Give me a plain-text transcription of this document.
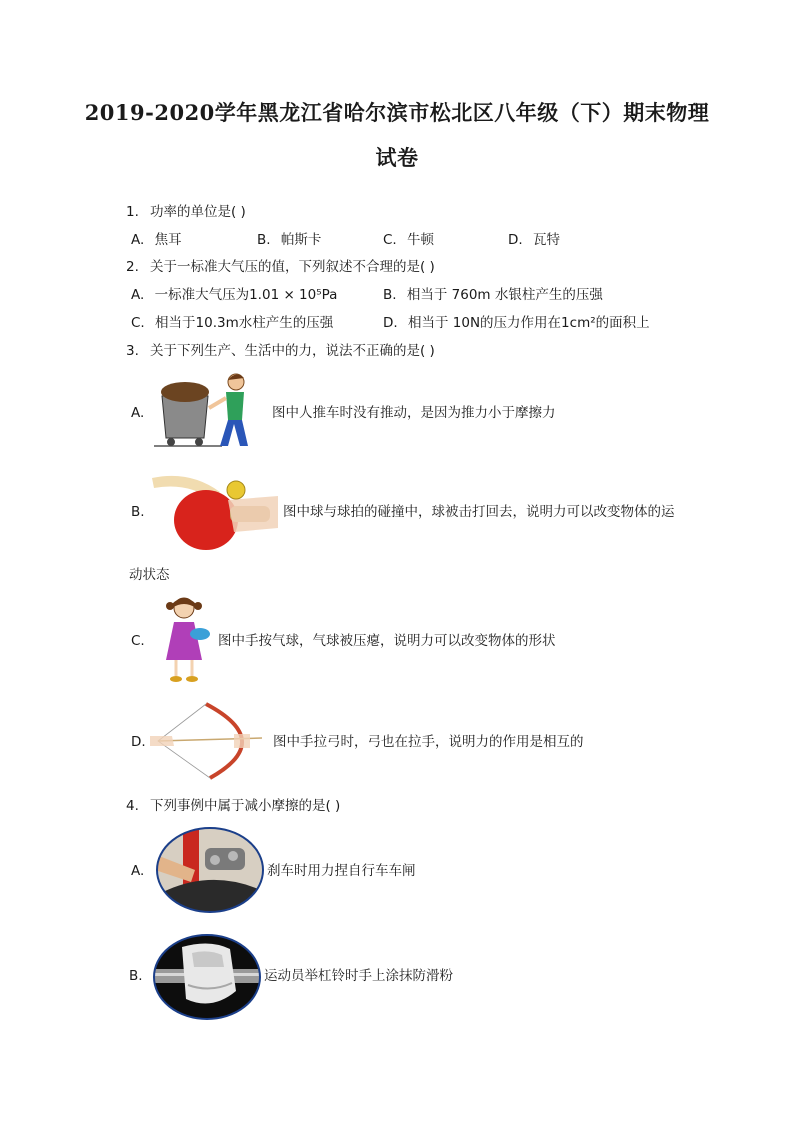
2019-2020学年黑龙江省哈尔滨市松北区八年级（下）期末物理
试卷
1. 功率的单位是( )
A. 焦耳	B. 帕斯卡	C. 牛顿	D. 瓦特
2. 关于一标准大气压的值，下列叙述不合理的是( )
A. 一标准大气压为1.01 × 10⁵Pa	B. 相当于 760m 水银柱产生的压强
C. 相当于10.3m水柱产生的压强	D. 相当于 10N的压力作用在1cm²的面积上
3. 关于下列生产、生活中的力，说法不正确的是( )
A.	图中人推车时没有推动，是因为推力小于摩擦力
B.	图中球与球拍的碰撞中，球被击打回去，说明力可以改变物体的运
动状态
C.	图中手按气球，气球被压瘪，说明力可以改变物体的形状
D.	图中手拉弓时，弓也在拉手，说明力的作用是相互的
4. 下列事例中属于减小摩擦的是( )
A.	刹车时用力捏自行车车闸
B.	运动员举杠铃时手上涂抹防滑粉
